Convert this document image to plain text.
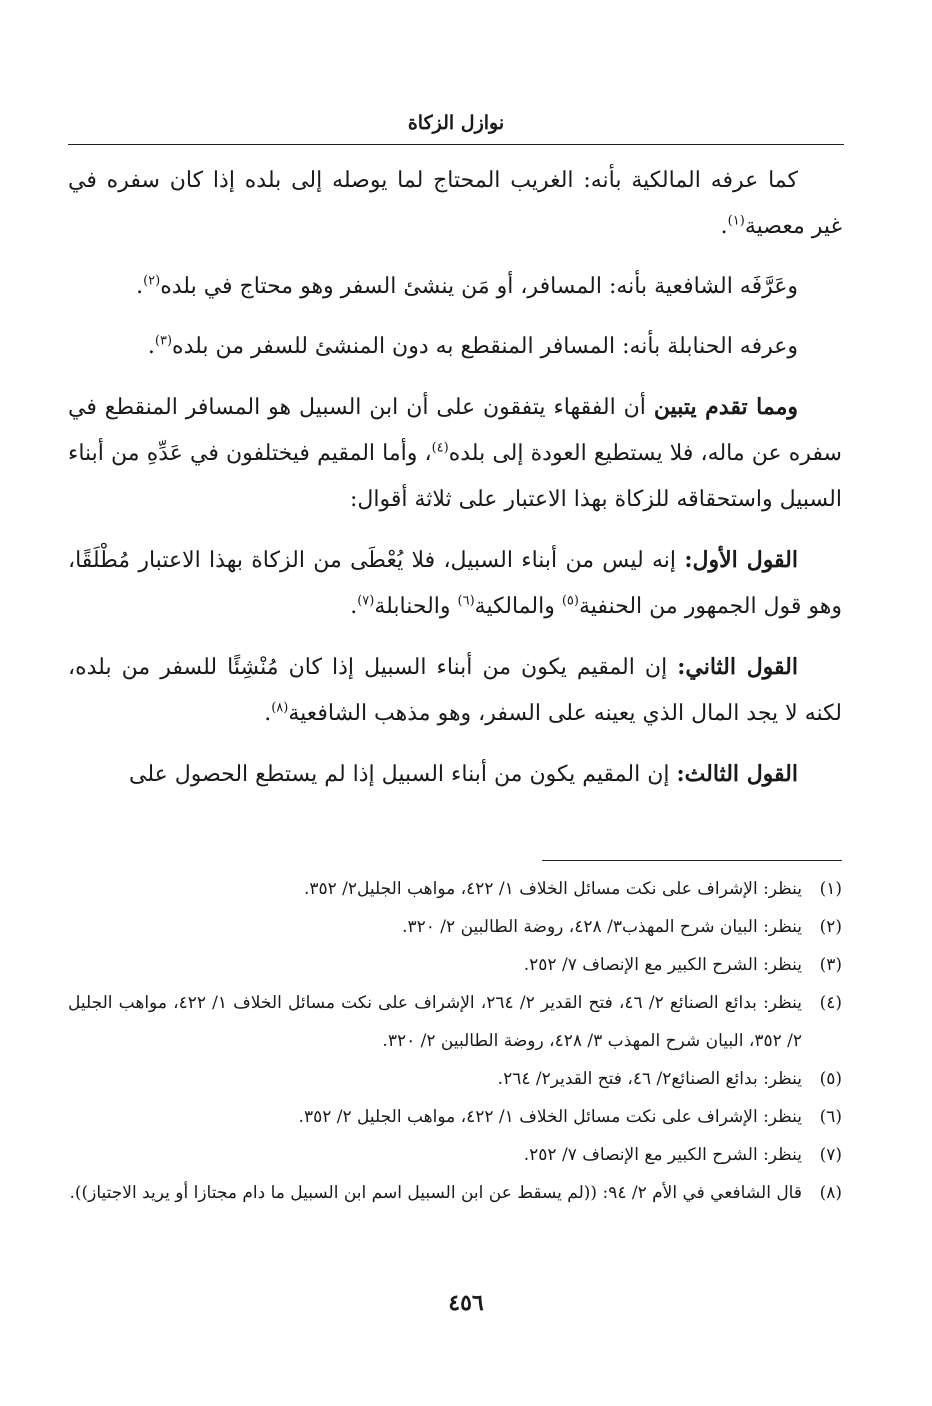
نوازل الزكاة

كما عرفه المالكية بأنه: الغريب المحتاج لما يوصله إلى بلده إذا كان سفره في غير معصية$^{(١)}$.

وعَرَّفَه الشافعية بأنه: المسافر، أو مَن ينشئ السفر وهو محتاج في بلده$^{(٢)}$.

وعرفه الحنابلة بأنه: المسافر المنقطع به دون المنشئ للسفر من بلده$^{(٣)}$.

ومما تقدم يتبين أن الفقهاء يتفقون على أن ابن السبيل هو المسافر المنقطع في سفره عن ماله، فلا يستطيع العودة إلى بلده$^{(٤)}$، وأما المقيم فيختلفون في عَدِّهِ من أبناء السبيل واستحقاقه للزكاة بهذا الاعتبار على ثلاثة أقوال:

القول الأول: إنه ليس من أبناء السبيل، فلا يُعْطَى من الزكاة بهذا الاعتبار مُطْلَقًا، وهو قول الجمهور من الحنفية$^{(٥)}$ والمالكية$^{(٦)}$ والحنابلة$^{(٧)}$.

القول الثاني: إن المقيم يكون من أبناء السبيل إذا كان مُنْشِئًا للسفر من بلده، لكنه لا يجد المال الذي يعينه على السفر، وهو مذهب الشافعية$^{(٨)}$.

القول الثالث: إن المقيم يكون من أبناء السبيل إذا لم يستطع الحصول على

(١)
ينظر: الإشراف على نكت مسائل الخلاف ١/ ٤٢٢، مواهب الجليل٢/ ٣٥٢.
(٢)
ينظر: البيان شرح المهذب٣/ ٤٢٨، روضة الطالبين ٢/ ٣٢٠.
(٣)
ينظر: الشرح الكبير مع الإنصاف ٧/ ٢٥٢.
(٤)
ينظر: بدائع الصنائع ٢/ ٤٦، فتح القدير ٢/ ٢٦٤، الإشراف على نكت مسائل الخلاف ١/ ٤٢٢، مواهب الجليل ٢/ ٣٥٢، البيان شرح المهذب ٣/ ٤٢٨، روضة الطالبين ٢/ ٣٢٠.
(٥)
ينظر: بدائع الصنائع٢/ ٤٦، فتح القدير٢/ ٢٦٤.
(٦)
ينظر: الإشراف على نكت مسائل الخلاف ١/ ٤٢٢، مواهب الجليل ٢/ ٣٥٢.
(٧)
ينظر: الشرح الكبير مع الإنصاف ٧/ ٢٥٢.
(٨)
قال الشافعي في الأم ٢/ ٩٤: ((لم يسقط عن ابن السبيل اسم ابن السبيل ما دام مجتازا أو يريد الاجتياز)).
٤٥٦
